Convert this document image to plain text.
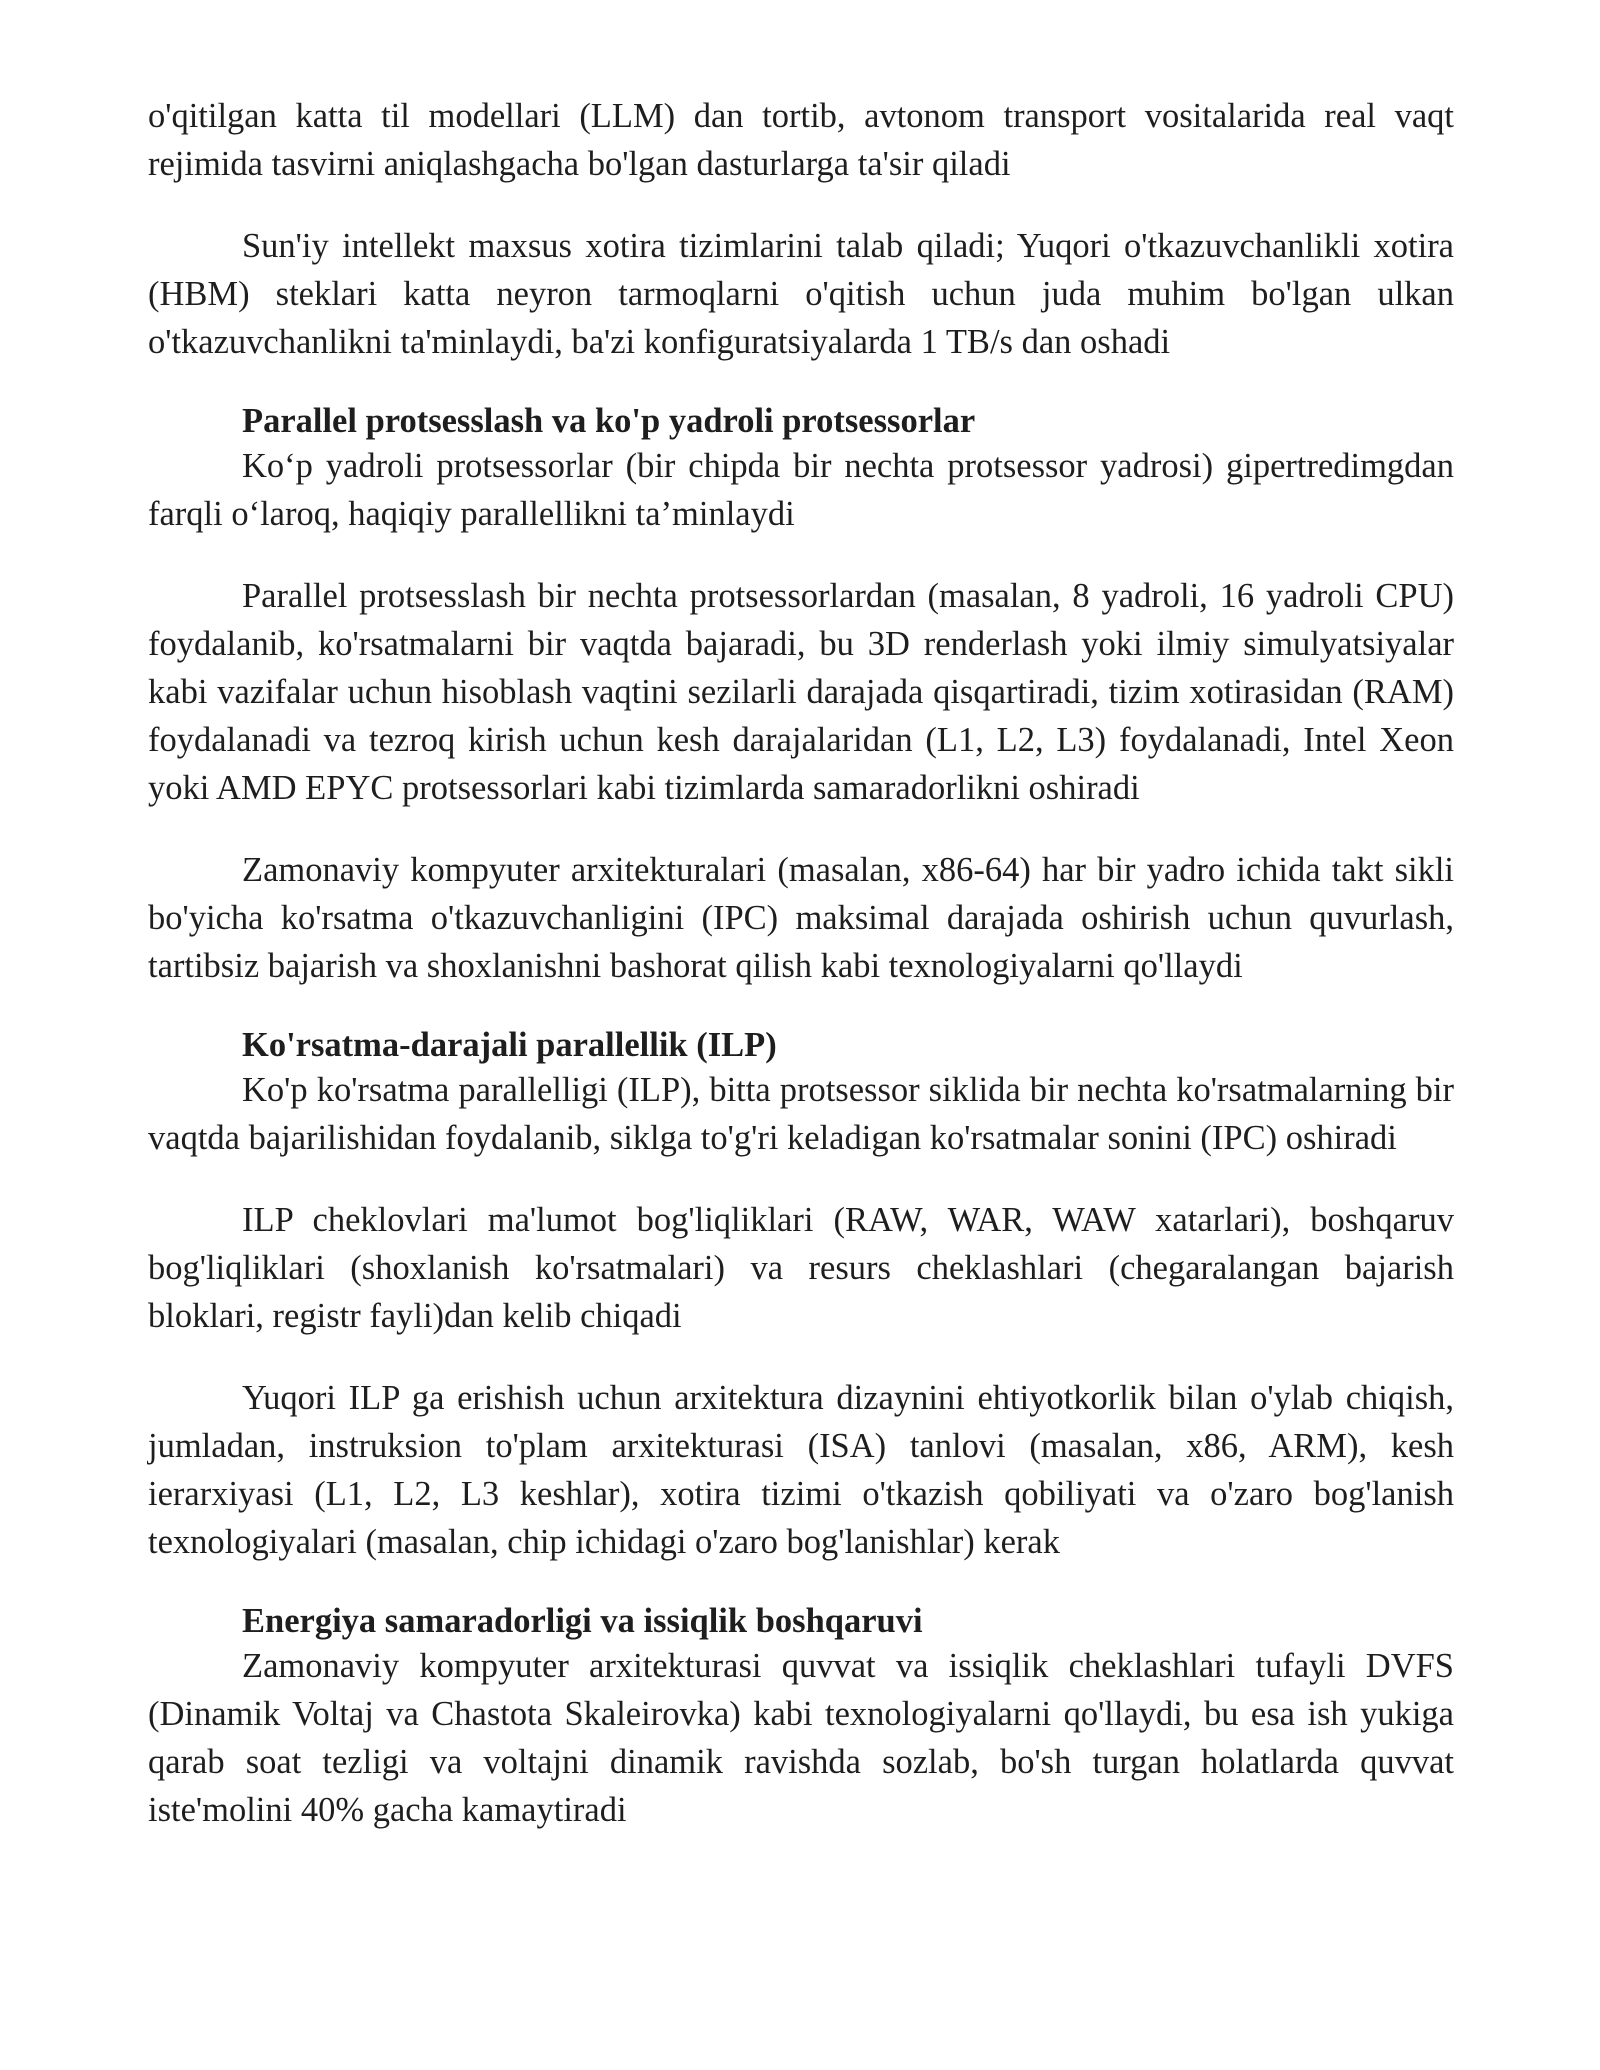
o'qitilgan katta til modellari (LLM) dan tortib, avtonom transport vositalarida real vaqt rejimida tasvirni aniqlashgacha bo'lgan dasturlarga ta'sir qiladi

Sun'iy intellekt maxsus xotira tizimlarini talab qiladi; Yuqori o'tkazuvchanlikli xotira (HBM) steklari katta neyron tarmoqlarni o'qitish uchun juda muhim bo'lgan ulkan o'tkazuvchanlikni ta'minlaydi, ba'zi konfiguratsiyalarda 1 TB/s dan oshadi

Parallel protsesslash va ko'p yadroli protsessorlar

Ko‘p yadroli protsessorlar (bir chipda bir nechta protsessor yadrosi) gipertredimgdan farqli o‘laroq, haqiqiy parallellikni ta’minlaydi

Parallel protsesslash bir nechta protsessorlardan (masalan, 8 yadroli, 16 yadroli CPU) foydalanib, ko'rsatmalarni bir vaqtda bajaradi, bu 3D renderlash yoki ilmiy simulyatsiyalar kabi vazifalar uchun hisoblash vaqtini sezilarli darajada qisqartiradi, tizim xotirasidan (RAM) foydalanadi va tezroq kirish uchun kesh darajalaridan (L1, L2, L3) foydalanadi, Intel Xeon yoki AMD EPYC protsessorlari kabi tizimlarda samaradorlikni oshiradi

Zamonaviy kompyuter arxitekturalari (masalan, x86-64) har bir yadro ichida takt sikli bo'yicha ko'rsatma o'tkazuvchanligini (IPC) maksimal darajada oshirish uchun quvurlash, tartibsiz bajarish va shoxlanishni bashorat qilish kabi texnologiyalarni qo'llaydi

Ko'rsatma-darajali parallellik (ILP)

Ko'p ko'rsatma parallelligi (ILP), bitta protsessor siklida bir nechta ko'rsatmalarning bir vaqtda bajarilishidan foydalanib, siklga to'g'ri keladigan ko'rsatmalar sonini (IPC) oshiradi

ILP cheklovlari ma'lumot bog'liqliklari (RAW, WAR, WAW xatarlari), boshqaruv bog'liqliklari (shoxlanish ko'rsatmalari) va resurs cheklashlari (chegaralangan bajarish bloklari, registr fayli)dan kelib chiqadi

Yuqori ILP ga erishish uchun arxitektura dizaynini ehtiyotkorlik bilan o'ylab chiqish, jumladan, instruksion to'plam arxitekturasi (ISA) tanlovi (masalan, x86, ARM), kesh ierarxiyasi (L1, L2, L3 keshlar), xotira tizimi o'tkazish qobiliyati va o'zaro bog'lanish texnologiyalari (masalan, chip ichidagi o'zaro bog'lanishlar) kerak

Energiya samaradorligi va issiqlik boshqaruvi

Zamonaviy kompyuter arxitekturasi quvvat va issiqlik cheklashlari tufayli DVFS (Dinamik Voltaj va Chastota Skaleirovka) kabi texnologiyalarni qo'llaydi, bu esa ish yukiga qarab soat tezligi va voltajni dinamik ravishda sozlab, bo'sh turgan holatlarda quvvat iste'molini 40% gacha kamaytiradi
